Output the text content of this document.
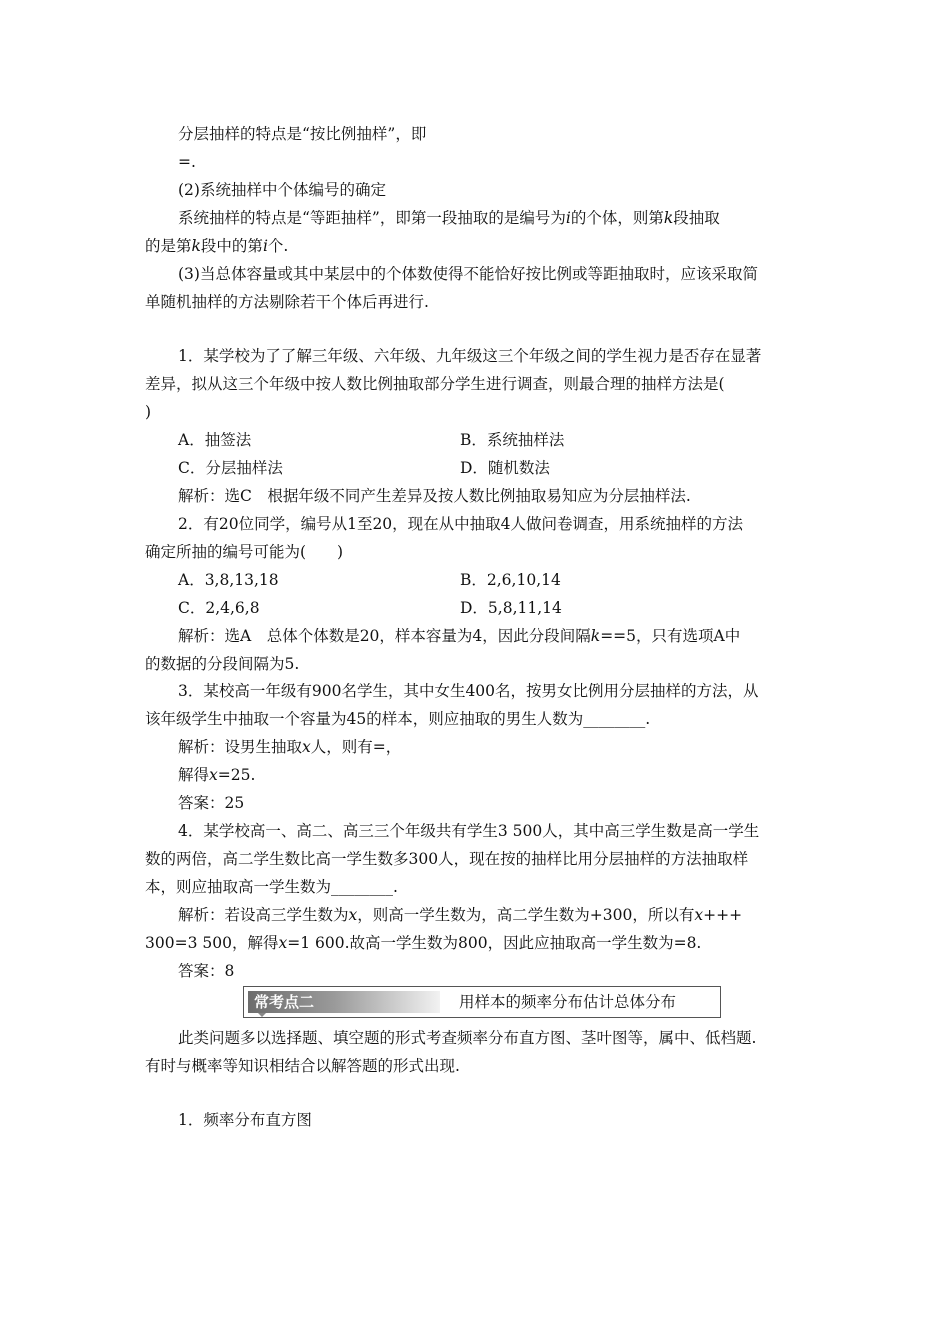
分层抽样的特点是“按比例抽样”，即
=.
(2)系统抽样中个体编号的确定
系统抽样的特点是“等距抽样”，即第一段抽取的是编号为i的个体，则第k段抽取
的是第k段中的第i个.
(3)当总体容量或其中某层中的个体数使得不能恰好按比例或等距抽取时，应该采取简
单随机抽样的方法剔除若干个体后再进行.
1．某学校为了了解三年级、六年级、九年级这三个年级之间的学生视力是否存在显著
差异，拟从这三个年级中按人数比例抽取部分学生进行调查，则最合理的抽样方法是(
)
A．抽签法	B．系统抽样法
C．分层抽样法	D．随机数法
解析：选C　根据年级不同产生差异及按人数比例抽取易知应为分层抽样法.
2．有20位同学，编号从1至20，现在从中抽取4人做问卷调查，用系统抽样的方法
确定所抽的编号可能为(　　)
A．3,8,13,18	B．2,6,10,14
C．2,4,6,8	D．5,8,11,14
解析：选A　总体个体数是20，样本容量为4，因此分段间隔k==5，只有选项A中
的数据的分段间隔为5.
3．某校高一年级有900名学生，其中女生400名，按男女比例用分层抽样的方法，从
该年级学生中抽取一个容量为45的样本，则应抽取的男生人数为________.
解析：设男生抽取x人，则有=，
解得x=25.
答案：25
4．某学校高一、高二、高三三个年级共有学生3 500人，其中高三学生数是高一学生
数的两倍，高二学生数比高一学生数多300人，现在按的抽样比用分层抽样的方法抽取样
本，则应抽取高一学生数为________.
解析：若设高三学生数为x，则高一学生数为，高二学生数为+300，所以有x+++
300=3 500，解得x=1 600.故高一学生数为800，因此应抽取高一学生数为=8.
答案：8
常考点二	用样本的频率分布估计总体分布
此类问题多以选择题、填空题的形式考查频率分布直方图、茎叶图等，属中、低档题.
有时与概率等知识相结合以解答题的形式出现.
1．频率分布直方图
